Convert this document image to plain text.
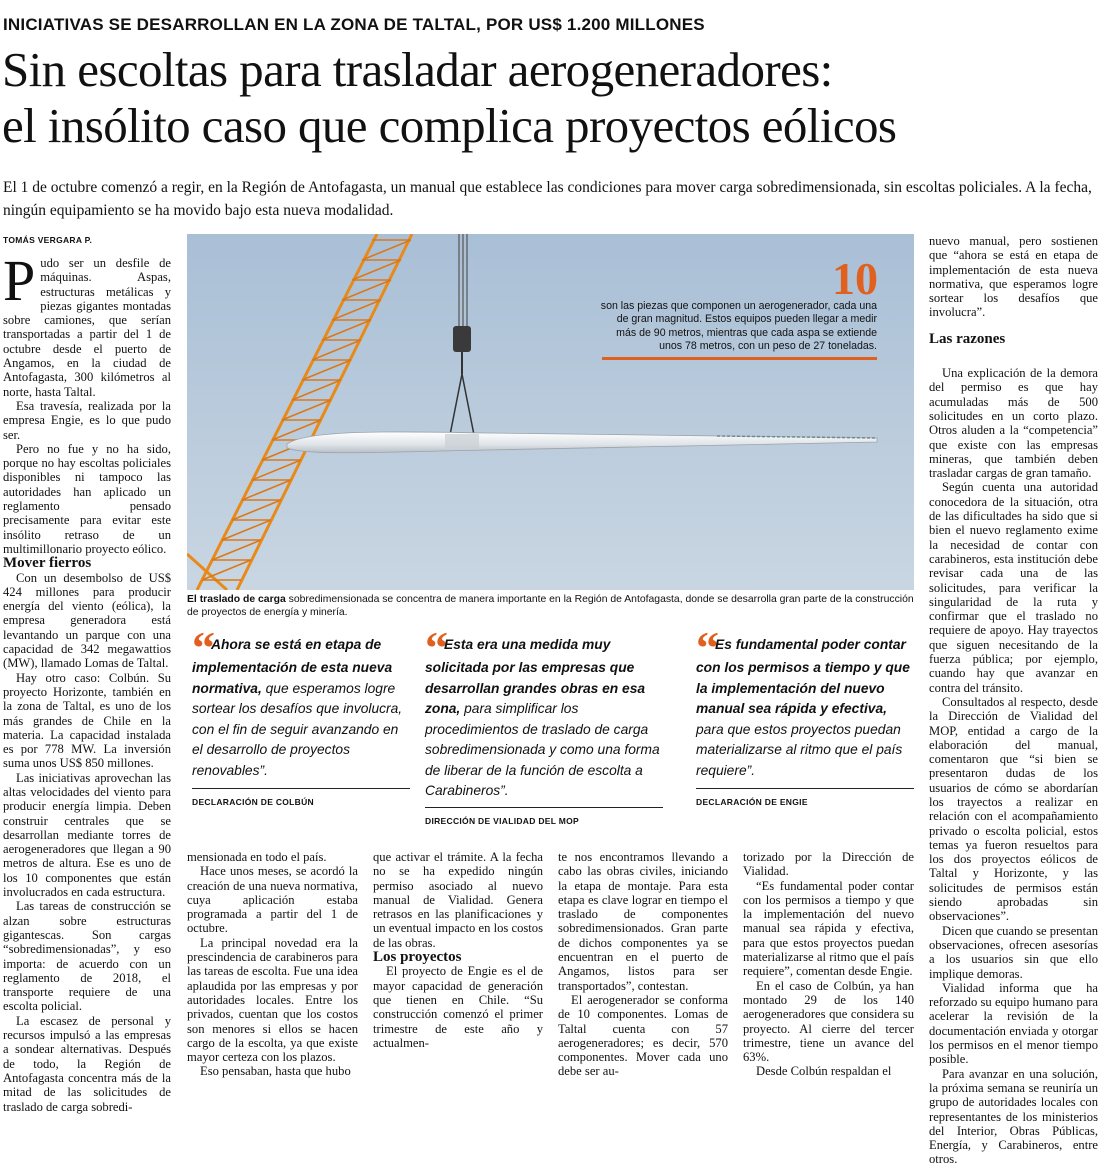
INICIATIVAS SE DESARROLLAN EN LA ZONA DE TALTAL, POR US$ 1.200 MILLONES
Sin escoltas para trasladar aerogeneradores:
el insólito caso que complica proyectos eólicos
El 1 de octubre comenzó a regir, en la Región de Antofagasta, un manual que establece las condiciones para mover carga sobredimensionada, sin escoltas policiales. A la fecha, ningún equipamiento se ha movido bajo esta nueva modalidad.
TOMÁS VERGARA P.

Pudo ser un desfile de máquinas. Aspas, estructuras metálicas y piezas gigantes montadas sobre camiones, que serían transportadas a partir del 1 de octubre desde el puerto de Angamos, en la ciudad de Antofagasta, 300 kilómetros al norte, hasta Taltal.

Esa travesía, realizada por la empresa Engie, es lo que pudo ser.

Pero no fue y no ha sido, porque no hay escoltas policiales disponibles ni tampoco las autoridades han aplicado un reglamento pensado precisamente para evitar este insólito retraso de un multimillonario proyecto eólico.

Mover fierros

Con un desembolso de US$ 424 millones para producir energía del viento (eólica), la empresa generadora está levantando un parque con una capacidad de 342 megawattios (MW), llamado Lomas de Taltal.

Hay otro caso: Colbún. Su proyecto Horizonte, también en la zona de Taltal, es uno de los más grandes de Chile en la materia. La capacidad instalada es por 778 MW. La inversión suma unos US$ 850 millones.

Las iniciativas aprovechan las altas velocidades del viento para producir energía limpia. Deben construir centrales que se desarrollan mediante torres de aerogeneradores que llegan a 90 metros de altura. Ese es uno de los 10 componentes que están involucrados en cada estructura.

Las tareas de construcción se alzan sobre estructuras gigantescas. Son cargas “sobredimensionadas”, y eso importa: de acuerdo con un reglamento de 2018, el transporte requiere de una escolta policial.

La escasez de personal y recursos impulsó a las empresas a sondear alternativas. Después de todo, la Región de Antofagasta concentra más de la mitad de las solicitudes de traslado de carga sobredi-

10
son las piezas que componen un aerogenerador, cada una de gran magnitud. Estos equipos pueden llegar a medir más de 90 metros, mientras que cada aspa se extiende unos 78 metros, con un peso de 27 toneladas.
El traslado de carga sobredimensionada se concentra de manera importante en la Región de Antofagasta, donde se desarrolla gran parte de la construcción de proyectos de energía y minería.
“ Ahora se está en etapa de implementación de esta nueva normativa, que esperamos logre sortear los desafíos que involucra, con el fin de seguir avanzando en el desarrollo de proyectos renovables”.
DECLARACIÓN DE COLBÚN
“ Esta era una medida muy solicitada por las empresas que desarrollan grandes obras en esa zona, para simplificar los procedimientos de traslado de carga sobredimensionada y como una forma de liberar de la función de escolta a Carabineros”.
DIRECCIÓN DE VIALIDAD DEL MOP
“ Es fundamental poder contar con los permisos a tiempo y que la implementación del nuevo manual sea rápida y efectiva, para que estos proyectos puedan materializarse al ritmo que el país requiere”.
DECLARACIÓN DE ENGIE

mensionada en todo el país.

Hace unos meses, se acordó la creación de una nueva normativa, cuya aplicación estaba programada a partir del 1 de octubre.

La principal novedad era la prescindencia de carabineros para las tareas de escolta. Fue una idea aplaudida por las empresas y por autoridades locales. Entre los privados, cuentan que los costos son menores si ellos se hacen cargo de la escolta, ya que existe mayor certeza con los plazos.

Eso pensaban, hasta que hubo

que activar el trámite. A la fecha no se ha expedido ningún permiso asociado al nuevo manual de Vialidad. Genera retrasos en las planificaciones y un eventual impacto en los costos de las obras.

Los proyectos

El proyecto de Engie es el de mayor capacidad de generación que tienen en Chile. “Su construcción comenzó el primer trimestre de este año y actualmen-

te nos encontramos llevando a cabo las obras civiles, iniciando la etapa de montaje. Para esta etapa es clave lograr en tiempo el traslado de componentes sobredimensionados. Gran parte de dichos componentes ya se encuentran en el puerto de Angamos, listos para ser transportados”, contestan.

El aerogenerador se conforma de 10 componentes. Lomas de Taltal cuenta con 57 aerogeneradores; es decir, 570 componentes. Mover cada uno debe ser au-

torizado por la Dirección de Vialidad.

“Es fundamental poder contar con los permisos a tiempo y que la implementación del nuevo manual sea rápida y efectiva, para que estos proyectos puedan materializarse al ritmo que el país requiere”, comentan desde Engie.

En el caso de Colbún, ya han montado 29 de los 140 aerogeneradores que considera su proyecto. Al cierre del tercer trimestre, tiene un avance del 63%.

Desde Colbún respaldan el

nuevo manual, pero sostienen que “ahora se está en etapa de implementación de esta nueva normativa, que esperamos logre sortear los desafíos que involucra”.

Las razones

Una explicación de la demora del permiso es que hay acumuladas más de 500 solicitudes en un corto plazo. Otros aluden a la “competencia” que existe con las empresas mineras, que también deben trasladar cargas de gran tamaño.

Según cuenta una autoridad conocedora de la situación, otra de las dificultades ha sido que si bien el nuevo reglamento exime la necesidad de contar con carabineros, esta institución debe revisar cada una de las solicitudes, para verificar la singularidad de la ruta y confirmar que el traslado no requiere de apoyo. Hay trayectos que siguen necesitando de la fuerza pública; por ejemplo, cuando hay que avanzar en contra del tránsito.

Consultados al respecto, desde la Dirección de Vialidad del MOP, entidad a cargo de la elaboración del manual, comentaron que “si bien se presentaron dudas de los usuarios de cómo se abordarían los trayectos a realizar en relación con el acompañamiento privado o escolta policial, estos temas ya fueron resueltos para los dos proyectos eólicos de Taltal y Horizonte, y las solicitudes de permisos están siendo aprobadas sin observaciones”.

Dicen que cuando se presentan observaciones, ofrecen asesorías a los usuarios sin que ello implique demoras.

Vialidad informa que ha reforzado su equipo humano para acelerar la revisión de la documentación enviada y otorgar los permisos en el menor tiempo posible.

Para avanzar en una solución, la próxima semana se reuniría un grupo de autoridades locales con representantes de los ministerios del Interior, Obras Públicas, Energía, y Carabineros, entre otros.
